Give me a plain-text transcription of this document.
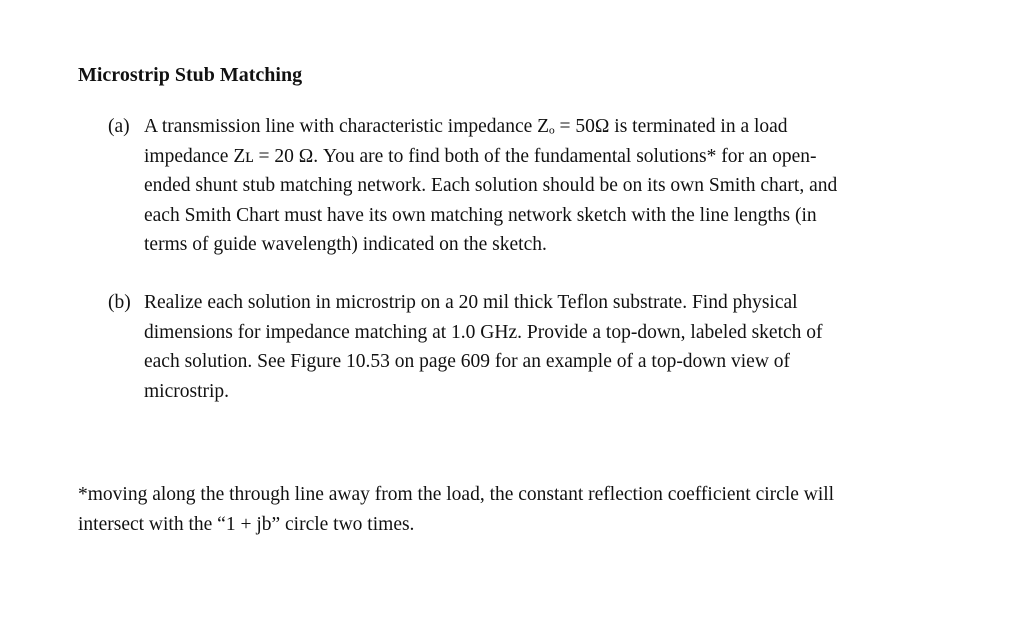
Microstrip Stub Matching
(a) A transmission line with characteristic impedance Zₒ = 50Ω is terminated in a load
impedance Zʟ = 20 Ω. You are to find both of the fundamental solutions* for an open-
ended shunt stub matching network. Each solution should be on its own Smith chart, and
each Smith Chart must have its own matching network sketch with the line lengths (in
terms of guide wavelength) indicated on the sketch.
(b) Realize each solution in microstrip on a 20 mil thick Teflon substrate. Find physical
dimensions for impedance matching at 1.0 GHz. Provide a top-down, labeled sketch of
each solution. See Figure 10.53 on page 609 for an example of a top-down view of
microstrip.
*moving along the through line away from the load, the constant reflection coefficient circle will
intersect with the “1 + jb” circle two times.
